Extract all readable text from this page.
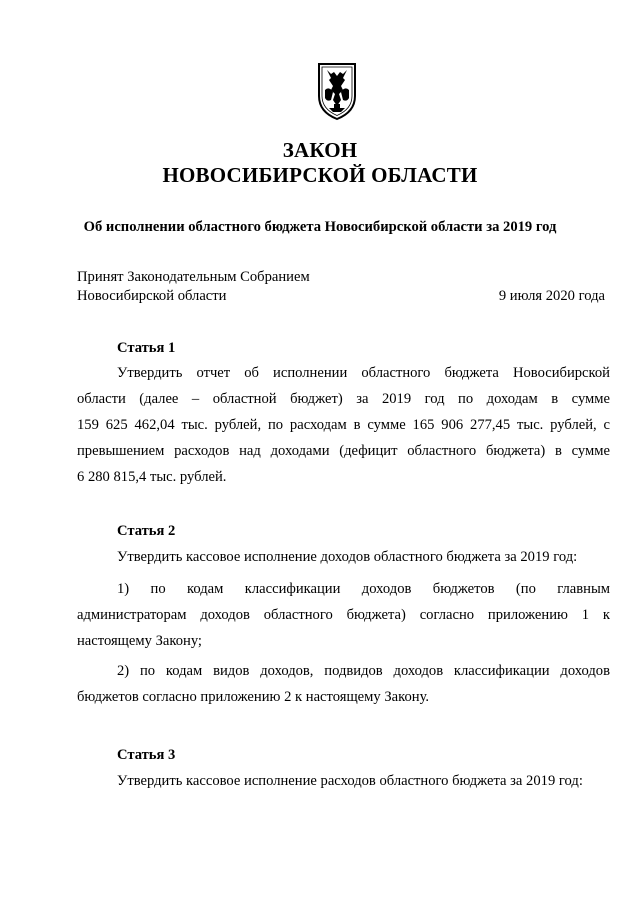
ЗАКОН
НОВОСИБИРСКОЙ ОБЛАСТИ
Об исполнении областного бюджета Новосибирской области за 2019 год
Принят Законодательным Собранием
Новосибирской области	9 июля 2020 года
Статья 1
Утвердить отчет об исполнении областного бюджета Новосибирской
области (далее – областной бюджет) за 2019 год по доходам в сумме
159 625 462,04 тыс. рублей, по расходам в сумме 165 906 277,45 тыс. рублей, с
превышением расходов над доходами (дефицит областного бюджета) в сумме
6 280 815,4 тыс. рублей.
Статья 2
Утвердить кассовое исполнение доходов областного бюджета за 2019 год:
1) по кодам классификации доходов бюджетов (по главным
администраторам доходов областного бюджета) согласно приложению 1 к
настоящему Закону;
2) по кодам видов доходов, подвидов доходов классификации доходов
бюджетов согласно приложению 2 к настоящему Закону.
Статья 3
Утвердить кассовое исполнение расходов областного бюджета за 2019 год:
